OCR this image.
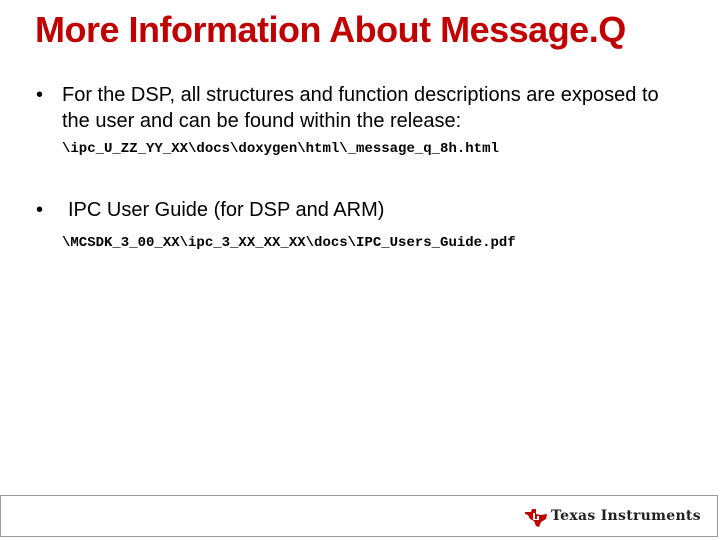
More Information About Message.Q
• For the DSP, all structures and function descriptions are exposed to the user and can be found within the release:
\ipc_U_ZZ_YY_XX\docs\doxygen\html\_message_q_8h.html
• IPC User Guide (for DSP and ARM)
\MCSDK_3_00_XX\ipc_3_XX_XX_XX\docs\IPC_Users_Guide.pdf
Texas Instruments
